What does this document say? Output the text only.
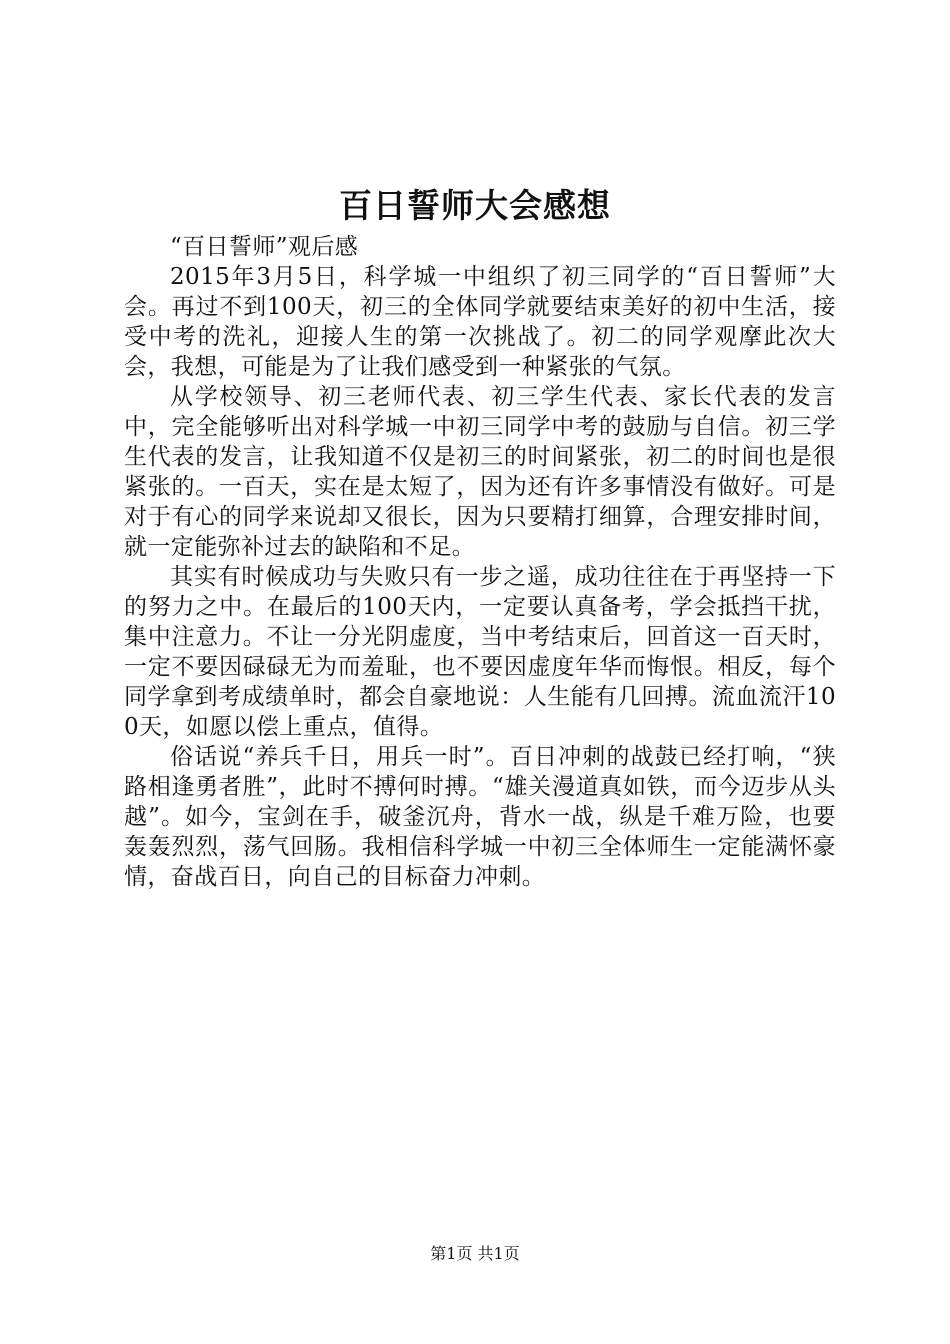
百日誓师大会感想

“百日誓师”观后感

2015年3月5日，科学城一中组织了初三同学的“百日誓师”大会。再过不到100天，初三的全体同学就要结束美好的初中生活，接受中考的洗礼，迎接人生的第一次挑战了。初二的同学观摩此次大会，我想，可能是为了让我们感受到一种紧张的气氛。

从学校领导、初三老师代表、初三学生代表、家长代表的发言中，完全能够听出对科学城一中初三同学中考的鼓励与自信。初三学生代表的发言，让我知道不仅是初三的时间紧张，初二的时间也是很紧张的。一百天，实在是太短了，因为还有许多事情没有做好。可是对于有心的同学来说却又很长，因为只要精打细算，合理安排时间，就一定能弥补过去的缺陷和不足。

其实有时候成功与失败只有一步之遥，成功往往在于再坚持一下的努力之中。在最后的100天内，一定要认真备考，学会抵挡干扰，集中注意力。不让一分光阴虚度，当中考结束后，回首这一百天时，一定不要因碌碌无为而羞耻，也不要因虚度年华而悔恨。相反，每个同学拿到考成绩单时，都会自豪地说：人生能有几回搏。流血流汗100天，如愿以偿上重点，值得。

俗话说“养兵千日，用兵一时”。百日冲刺的战鼓已经打响，“狭路相逢勇者胜”，此时不搏何时搏。“雄关漫道真如铁，而今迈步从头越”。如今，宝剑在手，破釜沉舟，背水一战，纵是千难万险，也要轰轰烈烈，荡气回肠。我相信科学城一中初三全体师生一定能满怀豪情，奋战百日，向自己的目标奋力冲刺。

第1页 共1页
